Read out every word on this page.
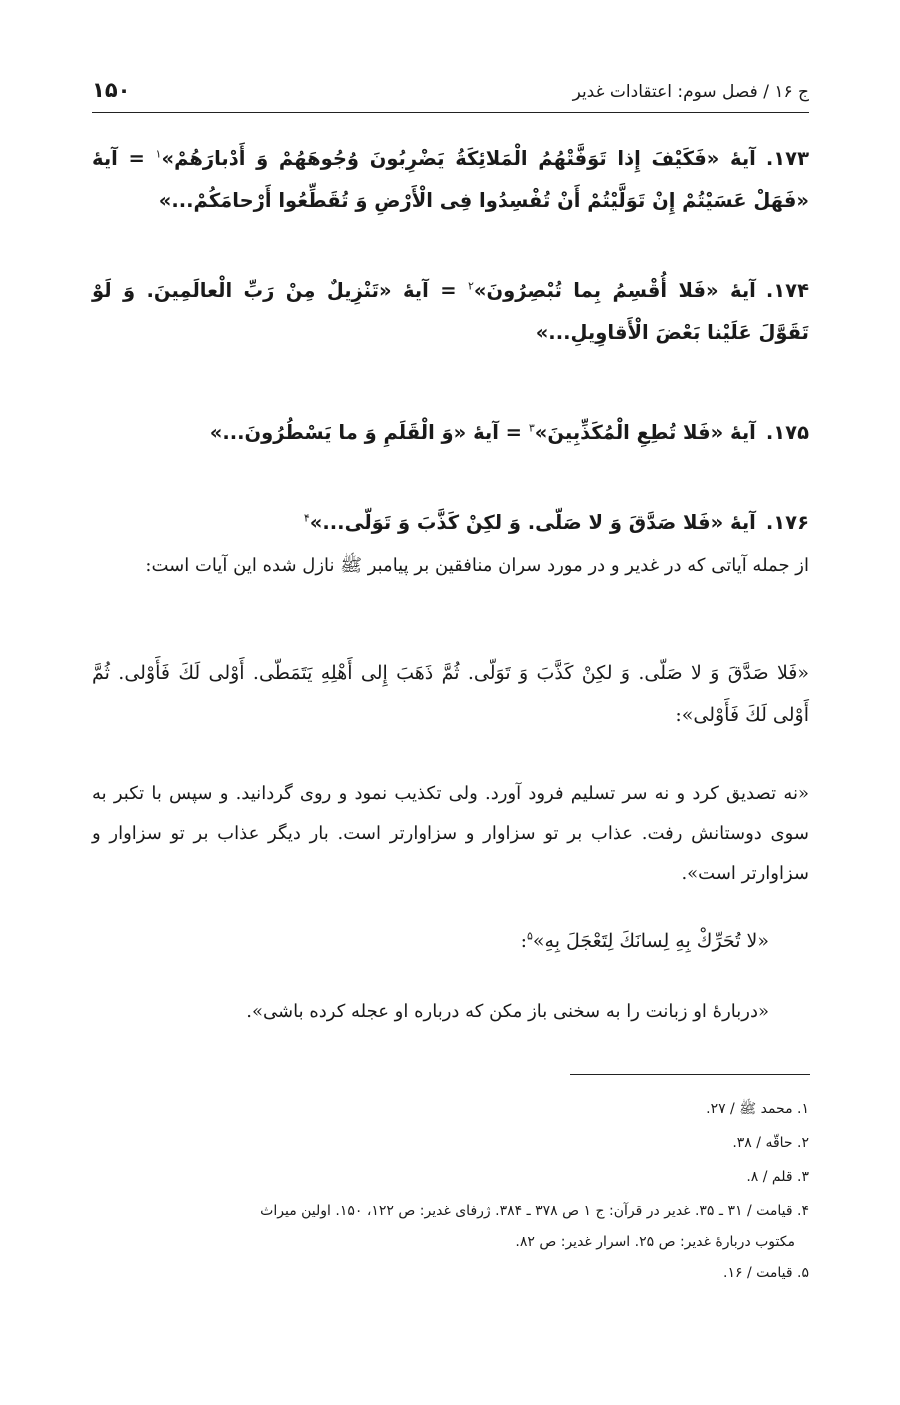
ج ۱۶ / فصل سوم: اعتقادات غدیر
۱۵۰
۱۷۳.آیهٔ «فَكَيْفَ إِذا تَوَفَّتْهُمُ الْمَلائِكَةُ يَضْرِبُونَ وُجُوهَهُمْ وَ أَدْبارَهُمْ»$^۱$ = آیهٔ «فَهَلْ عَسَيْتُمْ إِنْ تَوَلَّيْتُمْ أَنْ تُفْسِدُوا فِى الْأَرْضِ وَ تُقَطِّعُوا أَرْحامَكُمْ...»
۱۷۴.آیهٔ «فَلا أُقْسِمُ بِما تُبْصِرُونَ»$^۲$ = آیهٔ «تَنْزِيلٌ مِنْ رَبِّ الْعالَمِينَ. وَ لَوْ تَقَوَّلَ عَلَيْنا بَعْضَ الْأَقاوِيلِ...»
۱۷۵.آیهٔ «فَلا تُطِعِ الْمُكَذِّبِينَ»$^۳$ = آیهٔ «وَ الْقَلَمِ وَ ما يَسْطُرُونَ...»
۱۷۶.آیهٔ «فَلا صَدَّقَ وَ لا صَلّى. وَ لكِنْ كَذَّبَ وَ تَوَلّى...»$^۴$

از جمله آیاتی که در غدیر و در مورد سران منافقین بر پیامبر ﷺ نازل شده این آیات است:

«فَلا صَدَّقَ وَ لا صَلّى. وَ لكِنْ كَذَّبَ وَ تَوَلّى. ثُمَّ ذَهَبَ إِلى أَهْلِهِ يَتَمَطّى. أَوْلى لَكَ فَأَوْلى. ثُمَّ أَوْلى لَكَ فَأَوْلى»:

«نه تصدیق کرد و نه سر تسلیم فرود آورد. ولی تکذیب نمود و روی گردانید. و سپس با تکبر به سوی دوستانش رفت. عذاب بر تو سزاوار و سزاوارتر است. بار دیگر عذاب بر تو سزاوار و سزاوارتر است».

«لا تُحَرِّكْ بِهِ لِسانَكَ لِتَعْجَلَ بِهِ»$^۵$:

«دربارهٔ او زبانت را به سخنی باز مکن که درباره او عجله کرده باشی».

۱. محمد ﷺ / ۲۷.
۲. حاقّه / ۳۸.
۳. قلم / ۸.
۴. قیامت / ۳۱ ـ ۳۵. غدیر در قرآن: ج ۱ ص ۳۷۸ ـ ۳۸۴. ژرفای غدیر: ص ۱۲۲، ۱۵۰. اولین میراث
مکتوب دربارهٔ غدیر: ص ۲۵. اسرار غدیر: ص ۸۲.
۵. قیامت / ۱۶.
